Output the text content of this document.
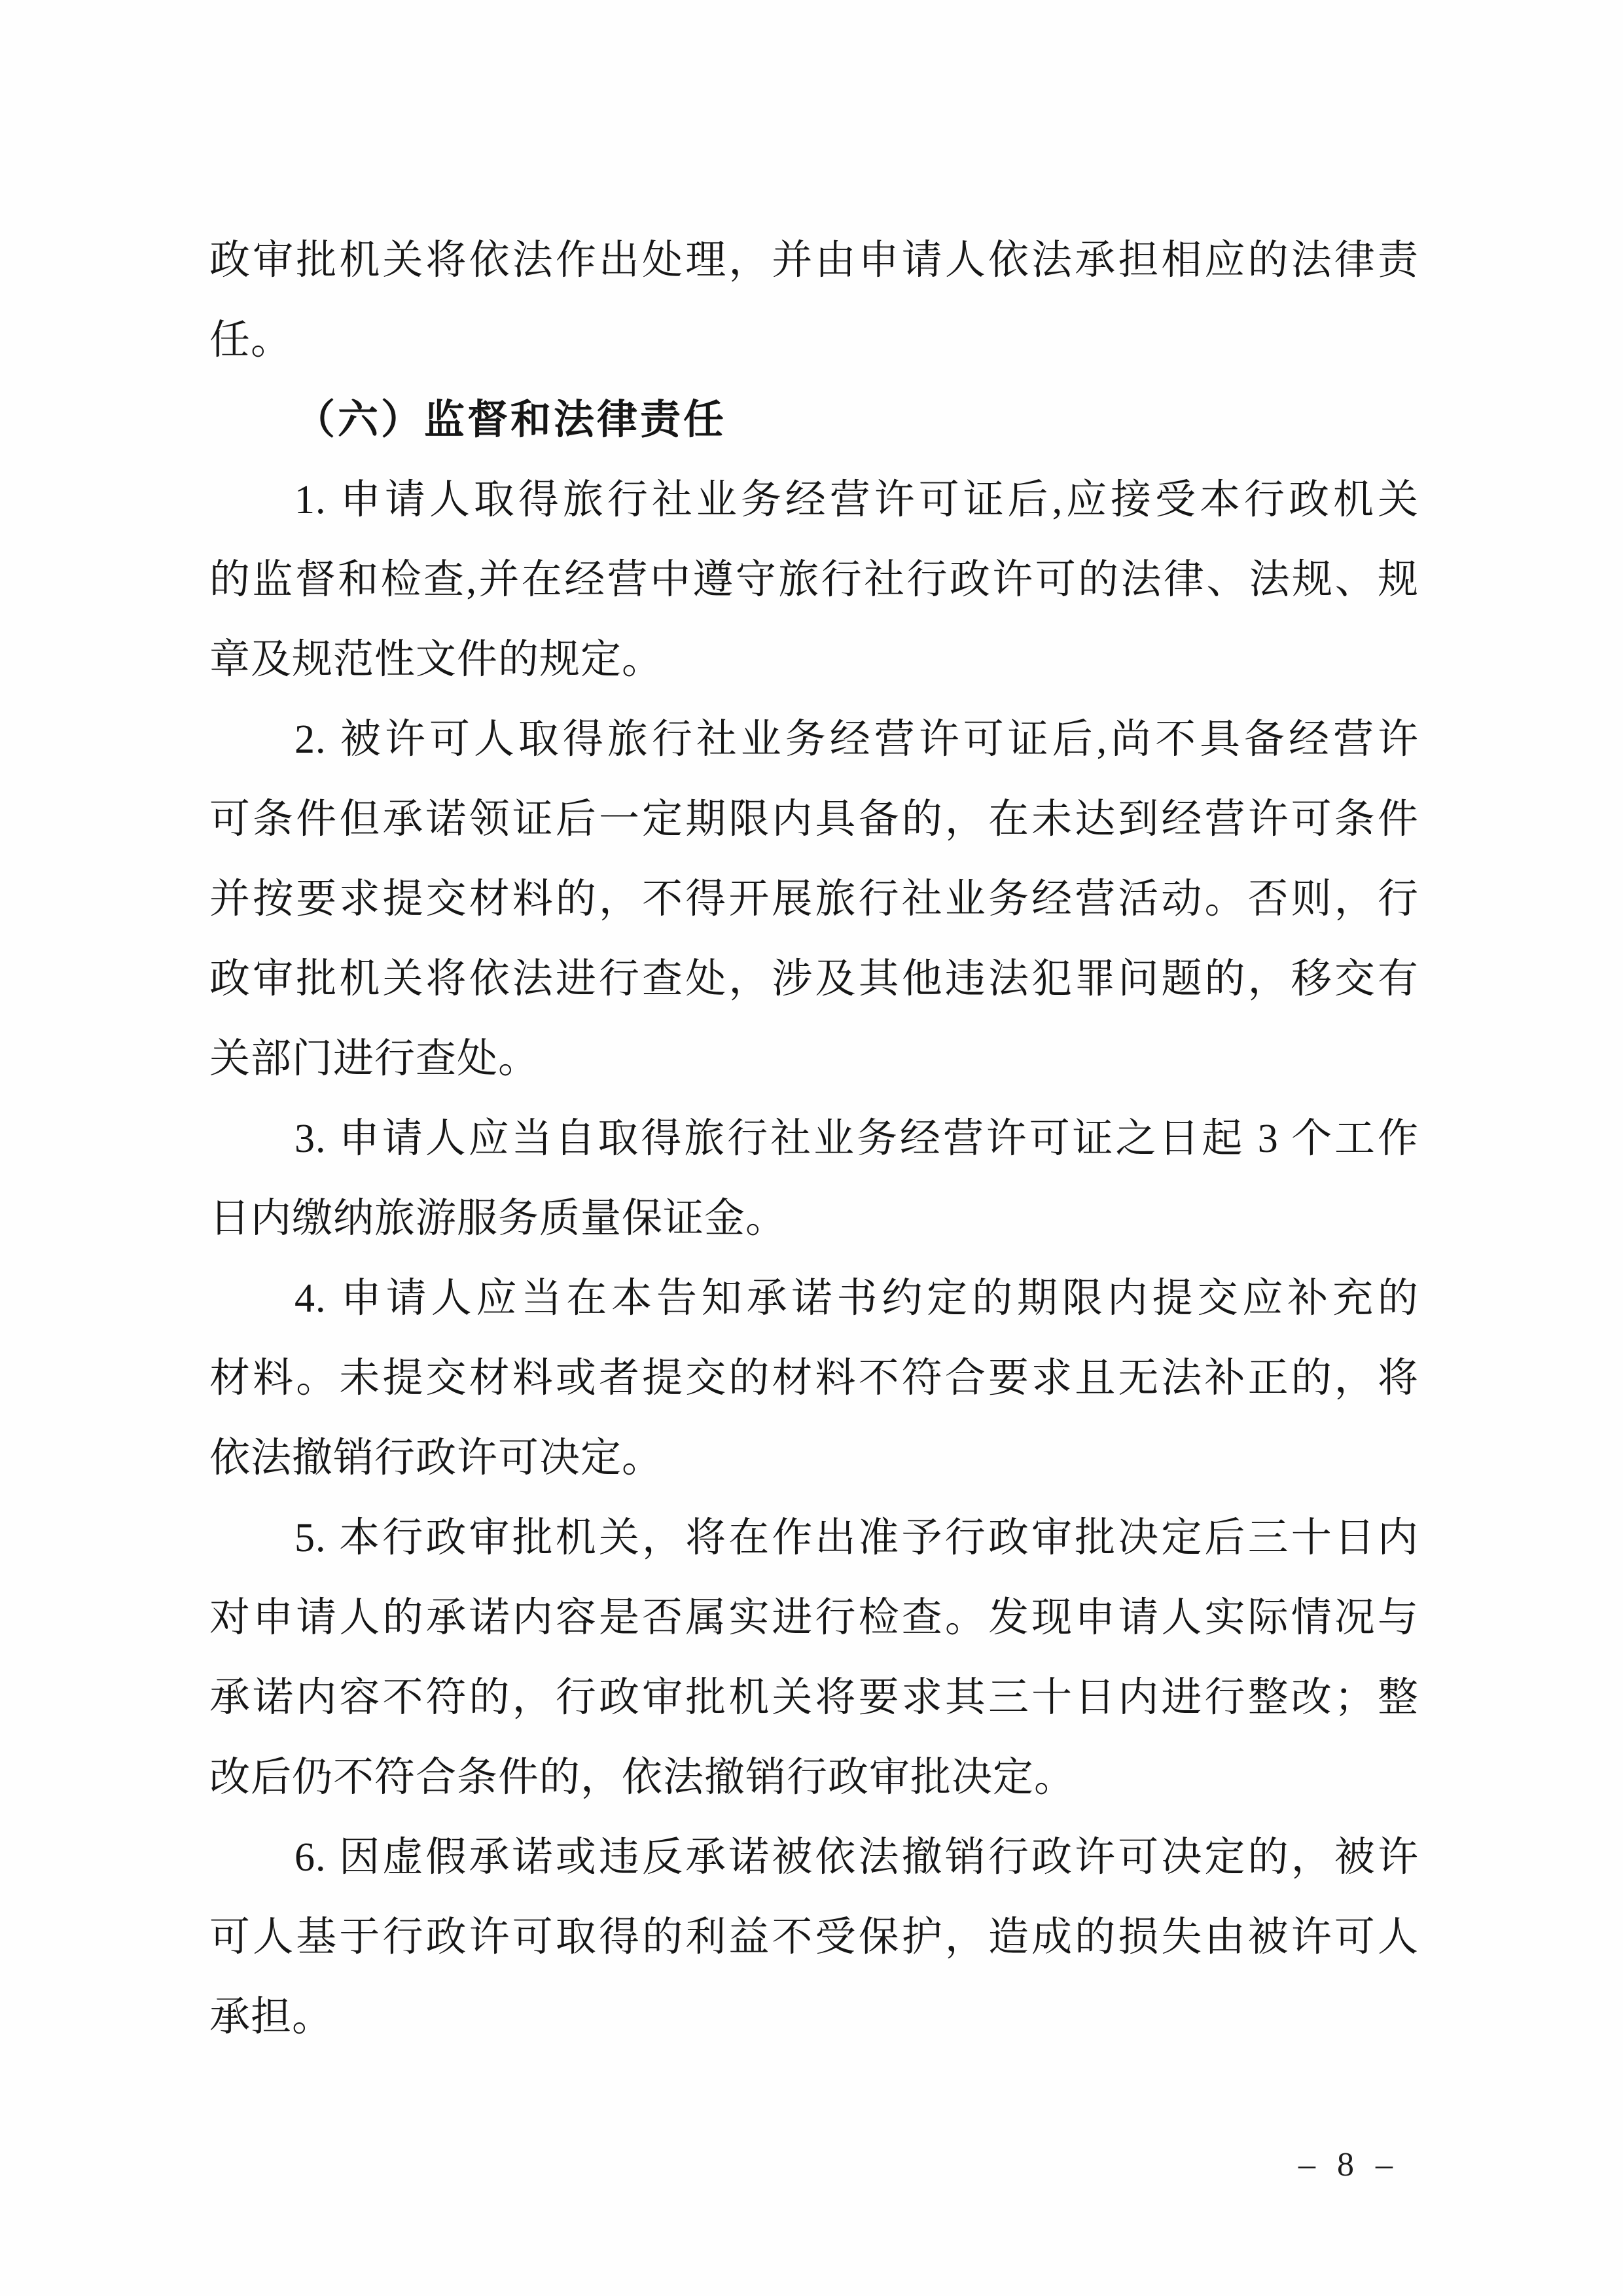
政审批机关将依法作出处理，并由申请人依法承担相应的法律责

任。

（六）监督和法律责任

1. 申请人取得旅行社业务经营许可证后,应接受本行政机关

的监督和检查,并在经营中遵守旅行社行政许可的法律、法规、规

章及规范性文件的规定。

2. 被许可人取得旅行社业务经营许可证后,尚不具备经营许

可条件但承诺领证后一定期限内具备的，在未达到经营许可条件

并按要求提交材料的，不得开展旅行社业务经营活动。否则，行

政审批机关将依法进行查处，涉及其他违法犯罪问题的，移交有

关部门进行查处。

3. 申请人应当自取得旅行社业务经营许可证之日起 3 个工作

日内缴纳旅游服务质量保证金。

4. 申请人应当在本告知承诺书约定的期限内提交应补充的

材料。未提交材料或者提交的材料不符合要求且无法补正的，将

依法撤销行政许可决定。

5. 本行政审批机关，将在作出准予行政审批决定后三十日内

对申请人的承诺内容是否属实进行检查。发现申请人实际情况与

承诺内容不符的，行政审批机关将要求其三十日内进行整改；整

改后仍不符合条件的，依法撤销行政审批决定。

6. 因虚假承诺或违反承诺被依法撤销行政许可决定的，被许

可人基于行政许可取得的利益不受保护，造成的损失由被许可人

承担。

– 8 –
